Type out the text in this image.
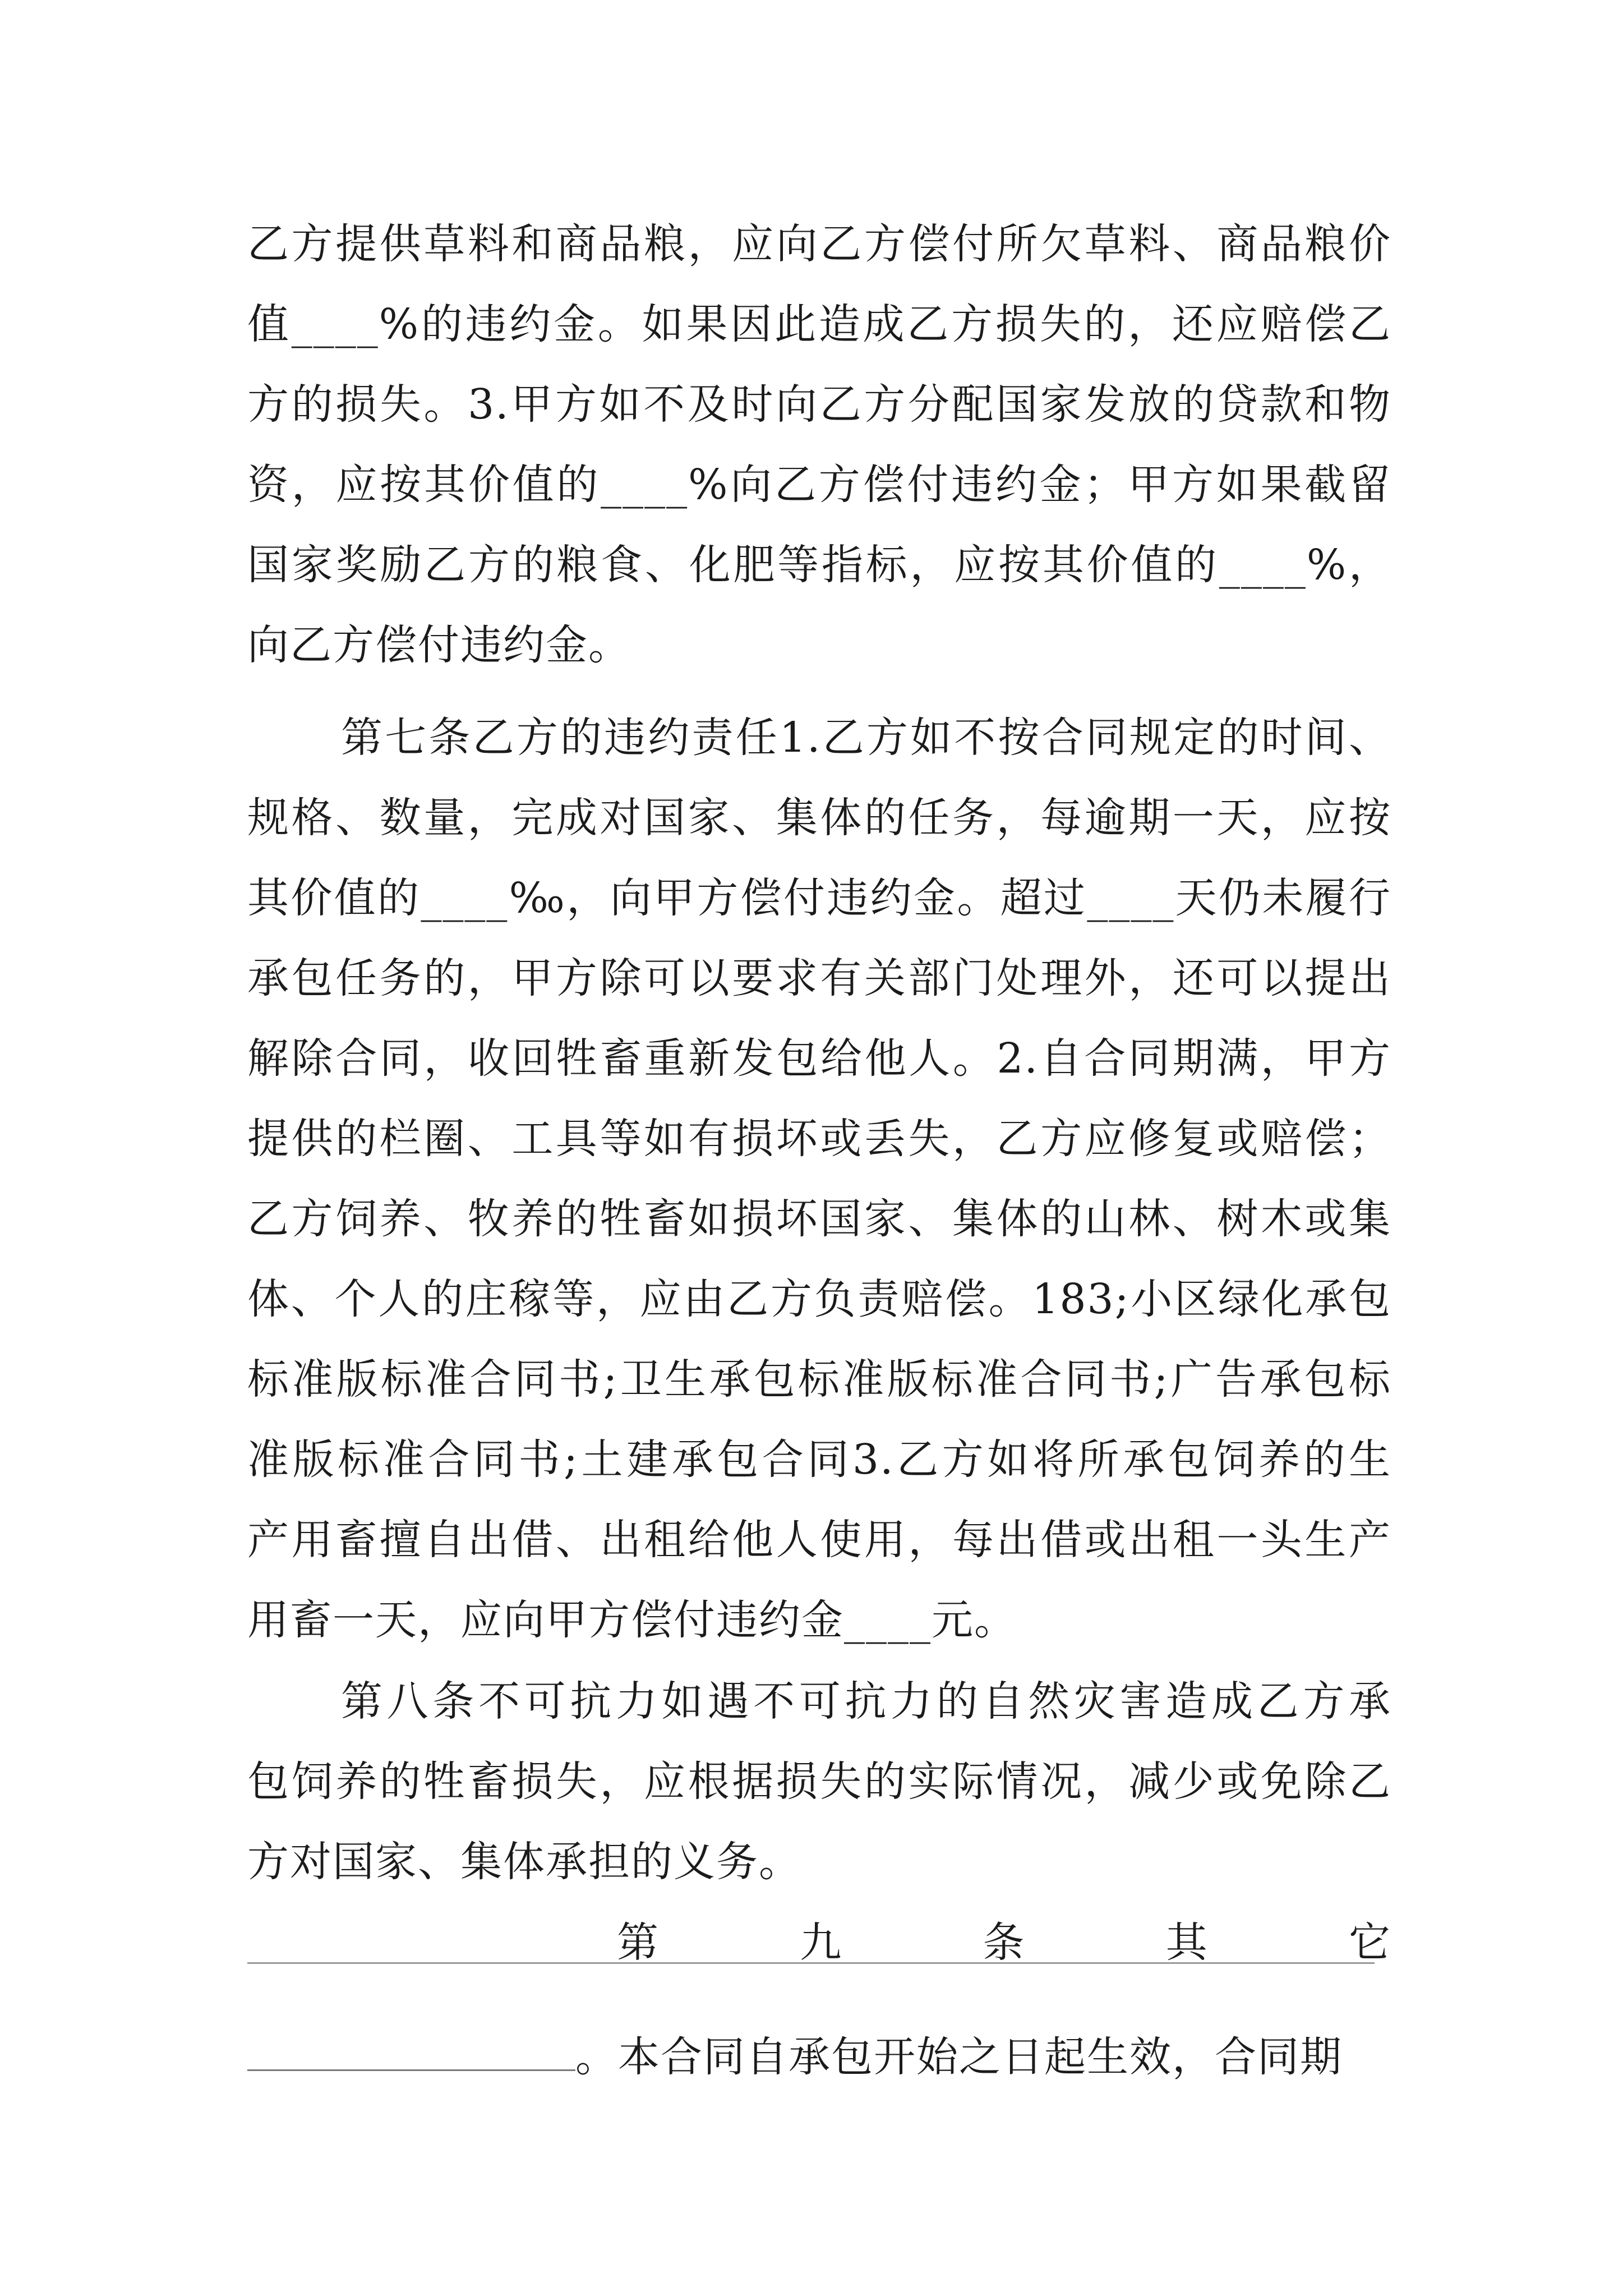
乙方提供草料和商品粮，应向乙方偿付所欠草料、商品粮价
值____%的违约金。如果因此造成乙方损失的，还应赔偿乙
方的损失。3.甲方如不及时向乙方分配国家发放的贷款和物
资，应按其价值的____%向乙方偿付违约金；甲方如果截留
国家奖励乙方的粮食、化肥等指标，应按其价值的____%，
向乙方偿付违约金。
第七条乙方的违约责任1.乙方如不按合同规定的时间、
规格、数量，完成对国家、集体的任务，每逾期一天，应按
其价值的____‰，向甲方偿付违约金。超过____天仍未履行
承包任务的，甲方除可以要求有关部门处理外，还可以提出
解除合同，收回牲畜重新发包给他人。2.自合同期满，甲方
提供的栏圈、工具等如有损坏或丢失，乙方应修复或赔偿；
乙方饲养、牧养的牲畜如损坏国家、集体的山林、树木或集
体、个人的庄稼等，应由乙方负责赔偿。183;小区绿化承包
标准版标准合同书;卫生承包标准版标准合同书;广告承包标
准版标准合同书;土建承包合同3.乙方如将所承包饲养的生
产用畜擅自出借、出租给他人使用，每出借或出租一头生产
用畜一天，应向甲方偿付违约金____元。
第八条不可抗力如遇不可抗力的自然灾害造成乙方承
包饲养的牲畜损失，应根据损失的实际情况，减少或免除乙
方对国家、集体承担的义务。
第	九	条	其	它
。本合同自承包开始之日起生效，合同期
